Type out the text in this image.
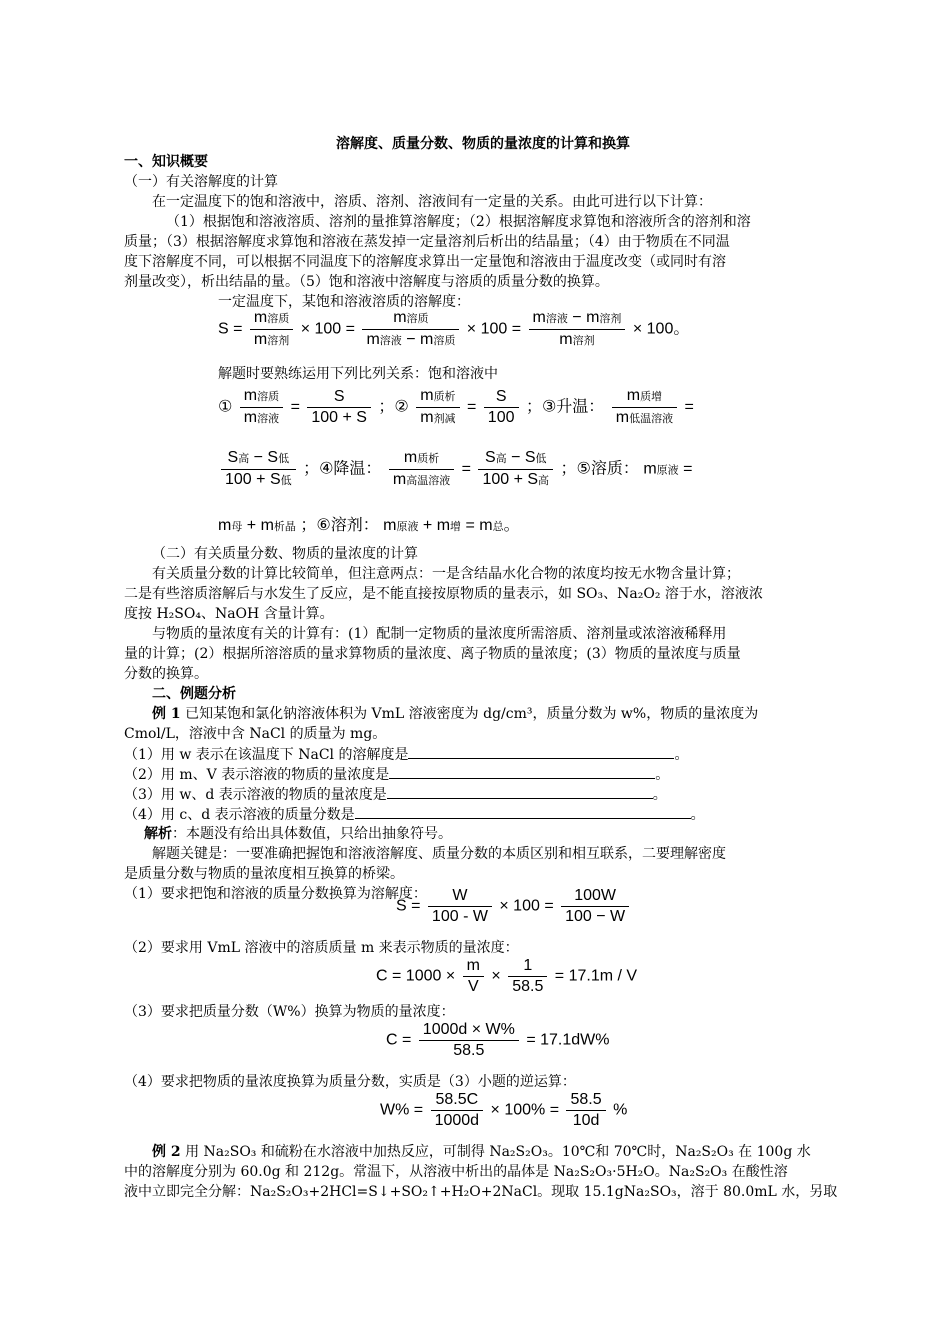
溶解度、质量分数、物质的量浓度的计算和换算
一、知识概要
（一）有关溶解度的计算
在一定温度下的饱和溶液中，溶质、溶剂、溶液间有一定量的关系。由此可进行以下计算：
（1）根据饱和溶液溶质、溶剂的量推算溶解度；（2）根据溶解度求算饱和溶液所含的溶剂和溶
质量；（3）根据溶解度求算饱和溶液在蒸发掉一定量溶剂后析出的结晶量；（4）由于物质在不同温
度下溶解度不同，可以根据不同温度下的溶解度求算出一定量饱和溶液由于温度改变（或同时有溶
剂量改变），析出结晶的量。（5）饱和溶液中溶解度与溶质的质量分数的换算。
一定温度下，某饱和溶液溶质的溶解度：
$S = \frac{\text{m溶质}}{\text{m溶剂}} \times 100 = \frac{\text{m溶质}}{\text{m溶液 − m溶质}} \times 100 = \frac{\text{m溶液 − m溶剂}}{\text{m溶剂}} \times 100$。
解题时要熟练运用下列比列关系：饱和溶液中
① $\frac{\text{m溶质}}{\text{m溶液}} = \frac{S}{100 + S}$ ；② $\frac{\text{m质析}}{\text{m剂减}} = \frac{S}{100}$ ；③升温： $\frac{\text{m质增}}{\text{m低温溶液}}$ =
$\frac{\text{S高 − S低}}{\text{100 + S低}}$ ；④降温： $\frac{\text{m质析}}{\text{m高温溶液}} = \frac{\text{S高 − S低}}{\text{100 + S高}}$ ；⑤溶质： m原液 =
m母 + m析晶 ；⑥溶剂： m原液 + m增 = m总。
（二）有关质量分数、物质的量浓度的计算
有关质量分数的计算比较简单，但注意两点：一是含结晶水化合物的浓度均按无水物含量计算；
二是有些溶质溶解后与水发生了反应，是不能直接按原物质的量表示，如 SO₃、Na₂O₂ 溶于水，溶液浓
度按 H₂SO₄、NaOH 含量计算。
与物质的量浓度有关的计算有：(1）配制一定物质的量浓度所需溶质、溶剂量或浓溶液稀释用
量的计算；(2）根据所溶溶质的量求算物质的量浓度、离子物质的量浓度；(3）物质的量浓度与质量
分数的换算。
二、例题分析
例 1 已知某饱和氯化钠溶液体积为 VmL 溶液密度为 dg/cm³，质量分数为 w%，物质的量浓度为
Cmol/L，溶液中含 NaCl 的质量为 mg。
（1）用 w 表示在该温度下 NaCl 的溶解度是	。
（2）用 m、V 表示溶液的物质的量浓度是	。
（3）用 w、d 表示溶液的物质的量浓度是	。
（4）用 c、d 表示溶液的质量分数是	。
解析：本题没有给出具体数值，只给出抽象符号。
解题关键是：一要准确把握饱和溶液溶解度、质量分数的本质区别和相互联系，二要理解密度
是质量分数与物质的量浓度相互换算的桥梁。
（1）要求把饱和溶液的质量分数换算为溶解度：
$S = \frac{W}{100 - W} \times 100 = \frac{100W}{100 - W}$
（2）要求用 VmL 溶液中的溶质质量 m 来表示物质的量浓度：
$C = 1000 \times \frac{m}{V} \times \frac{1}{58.5} = 17.1m / V$
（3）要求把质量分数（W%）换算为物质的量浓度：
$C = \frac{1000d \times W\%}{58.5} = 17.1dW\%$
（4）要求把物质的量浓度换算为质量分数，实质是（3）小题的逆运算：
$W\% = \frac{58.5C}{1000d} \times 100\% = \frac{58.5}{10d}$ %
例 2 用 Na₂SO₃ 和硫粉在水溶液中加热反应，可制得 Na₂S₂O₃。10℃和 70℃时，Na₂S₂O₃ 在 100g 水
中的溶解度分别为 60.0g 和 212g。常温下，从溶液中析出的晶体是 Na₂S₂O₃·5H₂O。Na₂S₂O₃ 在酸性溶
液中立即完全分解：Na₂S₂O₃+2HCl=S↓+SO₂↑+H₂O+2NaCl。现取 15.1gNa₂SO₃，溶于 80.0mL 水，另取
